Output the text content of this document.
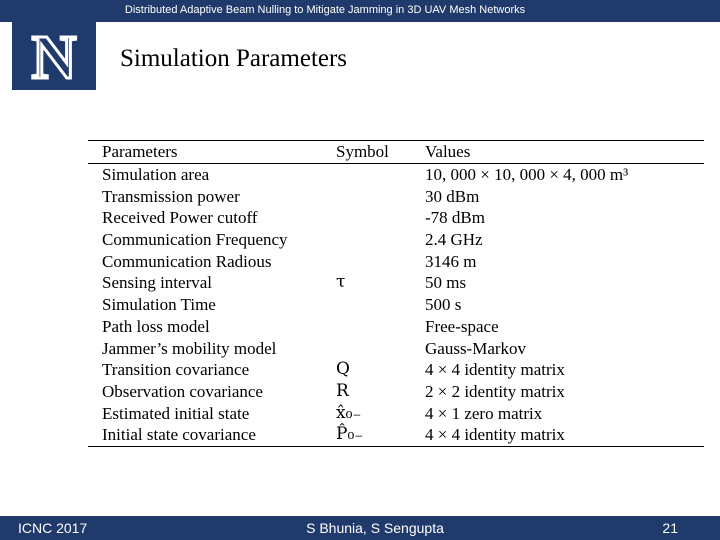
Distributed Adaptive Beam Nulling to Mitigate Jamming in 3D UAV Mesh Networks
N Simulation Parameters
Parameters	Symbol	Values
Simulation area		10, 000 × 10, 000 × 4, 000 m³
Transmission power		30 dBm
Received Power cutoff		-78 dBm
Communication Frequency		2.4 GHz
Communication Radious		3146 m
Sensing interval	τ	50 ms
Simulation Time		500 s
Path loss model		Free-space
Jammer’s mobility model		Gauss-Markov
Transition covariance	Q	4 × 4 identity matrix
Observation covariance	R	2 × 2 identity matrix
Estimated initial state	x̂₀₋	4 × 1 zero matrix
Initial state covariance	P̂₀₋	4 × 4 identity matrix
ICNC 2017	S Bhunia, S Sengupta	21
